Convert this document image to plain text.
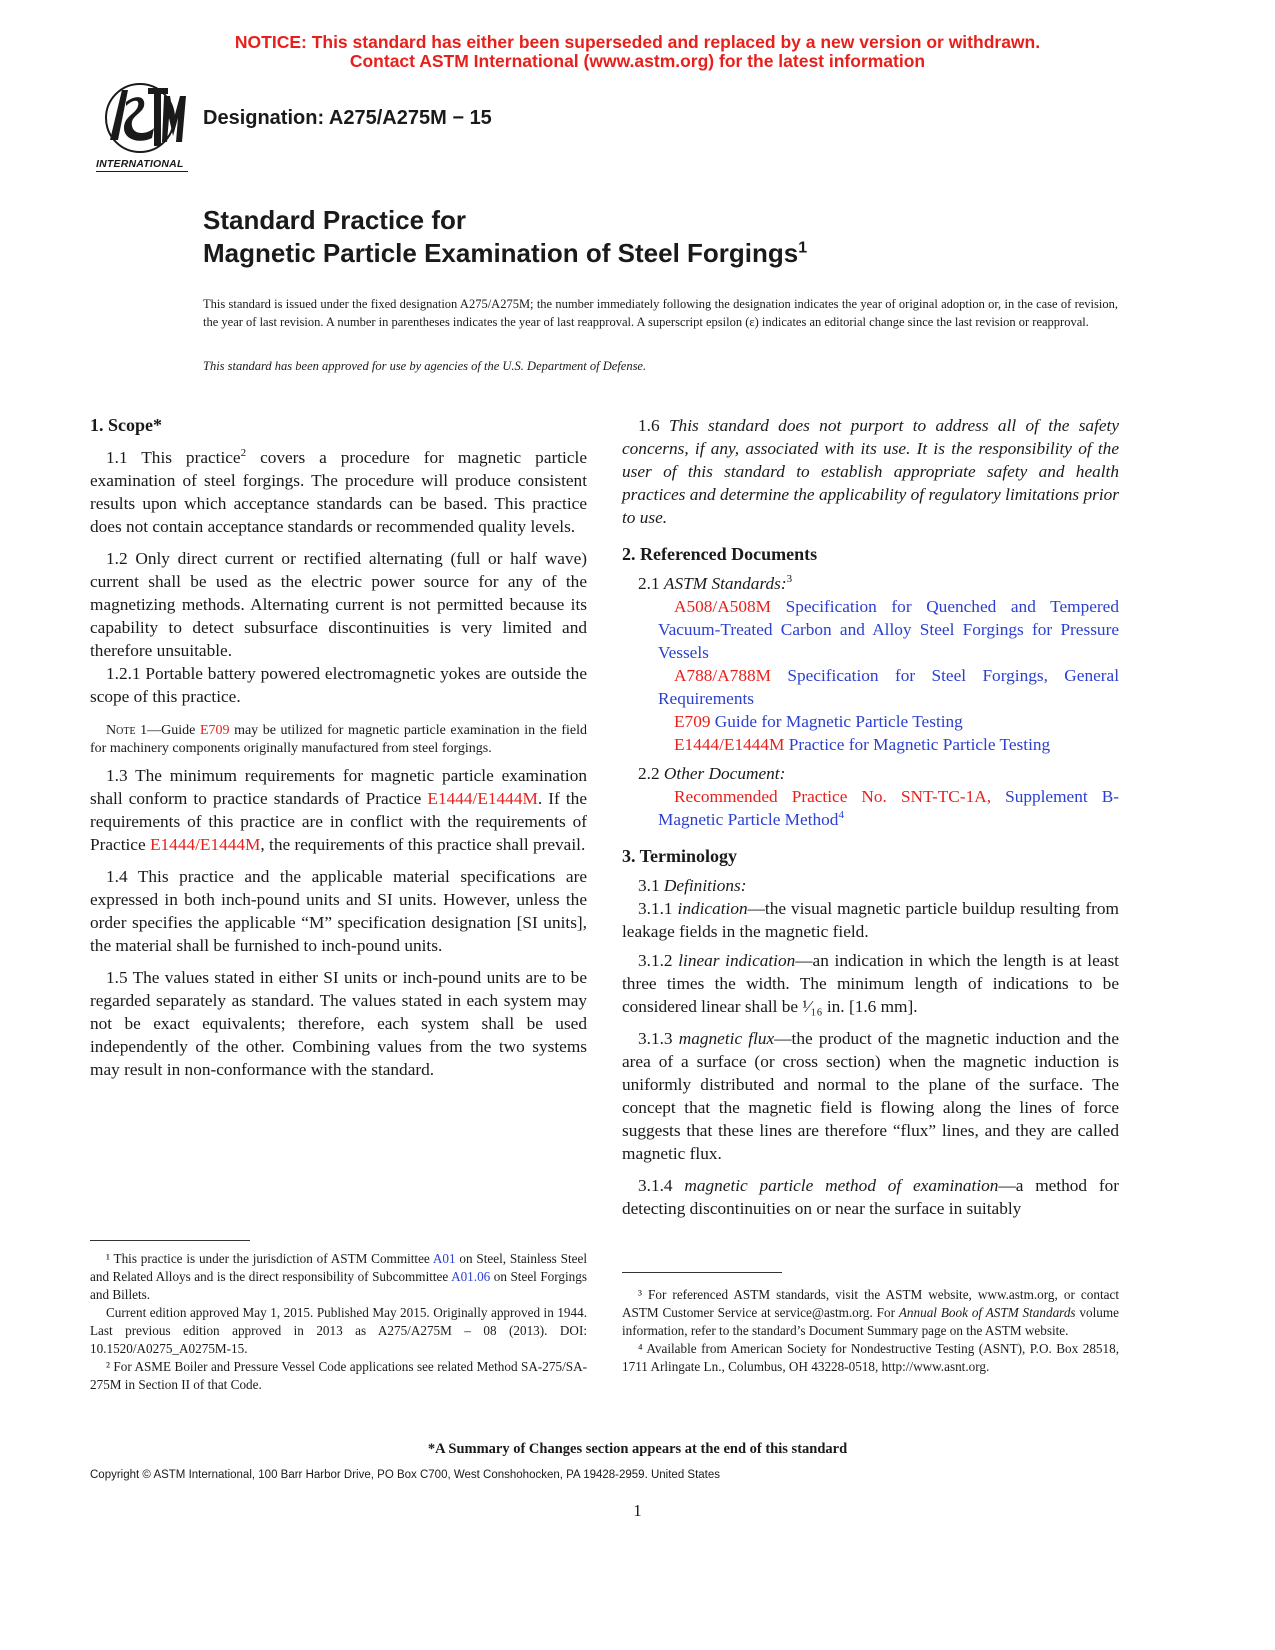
NOTICE: This standard has either been superseded and replaced by a new version or withdrawn.
Contact ASTM International (www.astm.org) for the latest information
INTERNATIONAL
Designation: A275/A275M − 15
Standard Practice for
Magnetic Particle Examination of Steel Forgings$^1$
This standard is issued under the fixed designation A275/A275M; the number immediately following the designation indicates the year of original adoption or, in the case of revision, the year of last revision. A number in parentheses indicates the year of last reapproval. A superscript epsilon (ε) indicates an editorial change since the last revision or reapproval.
This standard has been approved for use by agencies of the U.S. Department of Defense.
1. Scope*

1.1 This practice$^2$ covers a procedure for magnetic particle examination of steel forgings. The procedure will produce consistent results upon which acceptance standards can be based. This practice does not contain acceptance standards or recommended quality levels.

1.2 Only direct current or rectified alternating (full or half wave) current shall be used as the electric power source for any of the magnetizing methods. Alternating current is not permitted because its capability to detect subsurface discontinuities is very limited and therefore unsuitable.

1.2.1 Portable battery powered electromagnetic yokes are outside the scope of this practice.

Note 1—Guide E709 may be utilized for magnetic particle examination in the field for machinery components originally manufactured from steel forgings.

1.3 The minimum requirements for magnetic particle examination shall conform to practice standards of Practice E1444/E1444M. If the requirements of this practice are in conflict with the requirements of Practice E1444/E1444M, the requirements of this practice shall prevail.

1.4 This practice and the applicable material specifications are expressed in both inch-pound units and SI units. However, unless the order specifies the applicable “M” specification designation [SI units], the material shall be furnished to inch-pound units.

1.5 The values stated in either SI units or inch-pound units are to be regarded separately as standard. The values stated in each system may not be exact equivalents; therefore, each system shall be used independently of the other. Combining values from the two systems may result in non-conformance with the standard.

1.6 This standard does not purport to address all of the safety concerns, if any, associated with its use. It is the responsibility of the user of this standard to establish appropriate safety and health practices and determine the applicability of regulatory limitations prior to use.

2. Referenced Documents

2.1 ASTM Standards:$^3$

A508/A508M Specification for Quenched and Tempered Vacuum-Treated Carbon and Alloy Steel Forgings for Pressure Vessels

A788/A788M Specification for Steel Forgings, General Requirements

E709 Guide for Magnetic Particle Testing

E1444/E1444M Practice for Magnetic Particle Testing

2.2 Other Document:

Recommended Practice No. SNT-TC-1A, Supplement B-Magnetic Particle Method$^4$

3. Terminology

3.1 Definitions:

3.1.1 indication—the visual magnetic particle buildup resulting from leakage fields in the magnetic field.

3.1.2 linear indication—an indication in which the length is at least three times the width. The minimum length of indications to be considered linear shall be ¹⁄₁₆ in. [1.6 mm].

3.1.3 magnetic flux—the product of the magnetic induction and the area of a surface (or cross section) when the magnetic induction is uniformly distributed and normal to the plane of the surface. The concept that the magnetic field is flowing along the lines of force suggests that these lines are therefore “flux” lines, and they are called magnetic flux.

3.1.4 magnetic particle method of examination—a method for detecting discontinuities on or near the surface in suitably

¹ This practice is under the jurisdiction of ASTM Committee A01 on Steel, Stainless Steel and Related Alloys and is the direct responsibility of Subcommittee A01.06 on Steel Forgings and Billets.

Current edition approved May 1, 2015. Published May 2015. Originally approved in 1944. Last previous edition approved in 2013 as A275/A275M – 08 (2013). DOI: 10.1520/A0275_A0275M-15.

² For ASME Boiler and Pressure Vessel Code applications see related Method SA-275/SA-275M in Section II of that Code.

³ For referenced ASTM standards, visit the ASTM website, www.astm.org, or contact ASTM Customer Service at service@astm.org. For Annual Book of ASTM Standards volume information, refer to the standard’s Document Summary page on the ASTM website.

⁴ Available from American Society for Nondestructive Testing (ASNT), P.O. Box 28518, 1711 Arlingate Ln., Columbus, OH 43228-0518, http://www.asnt.org.

*A Summary of Changes section appears at the end of this standard
Copyright © ASTM International, 100 Barr Harbor Drive, PO Box C700, West Conshohocken, PA 19428-2959. United States
1
